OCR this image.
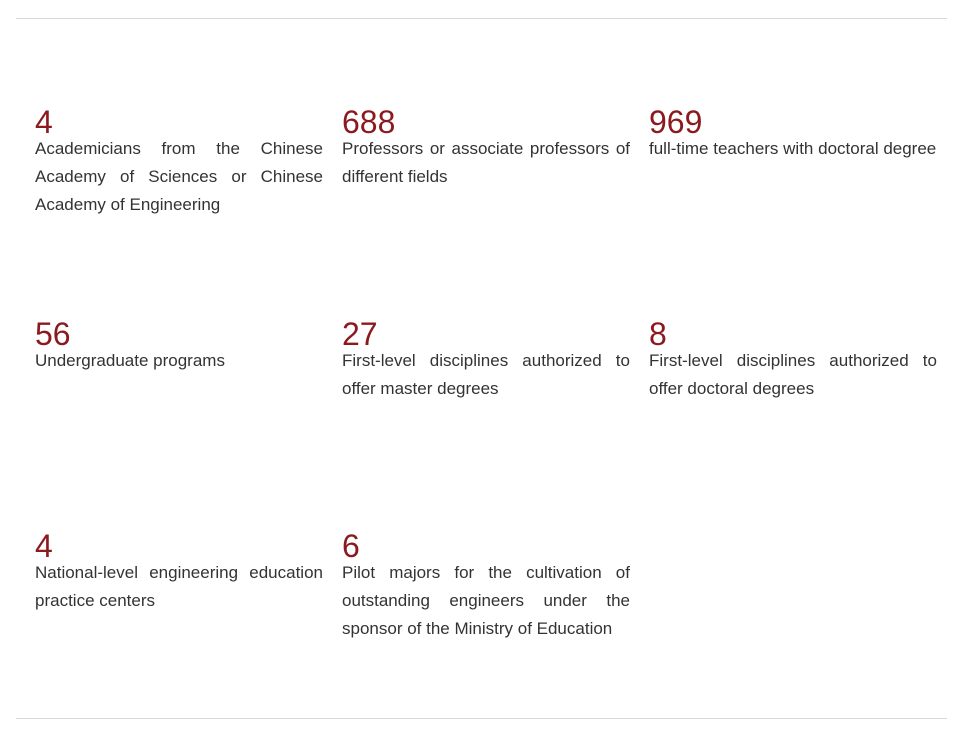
4
Academicians from the Chinese Academy of Sciences or Chinese Academy of Engineering
688
Professors or associate professors of different fields
969
full-time teachers with doctoral degree
56
Undergraduate programs
27
First-level disciplines authorized to offer master degrees
8
First-level disciplines authorized to offer doctoral degrees
4
National-level engineering education practice centers
6
Pilot majors for the cultivation of outstanding engineers under the sponsor of the Ministry of Education
